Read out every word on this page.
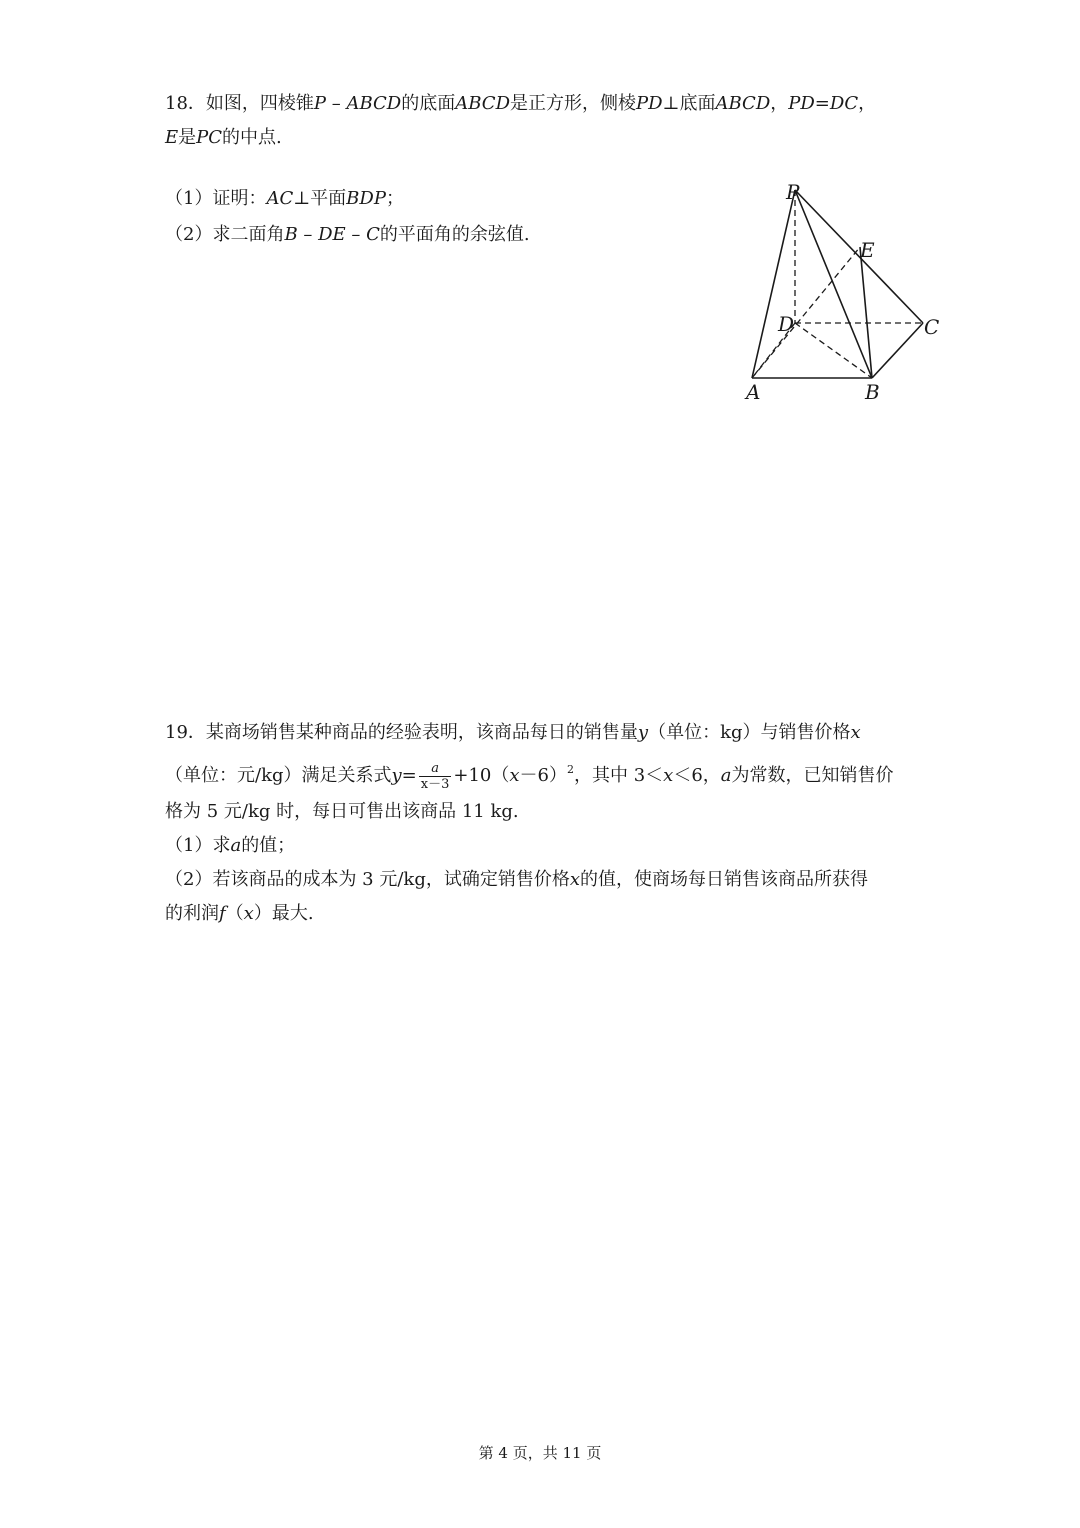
18．如图，四棱锥P – ABCD的底面ABCD是正方形，侧棱PD⊥底面ABCD，PD=DC，
E是PC的中点.
（1）证明：AC⊥平面BDP；
（2）求二面角B – DE – C的平面角的余弦值.
P
E
D	C
A	B
19．某商场销售某种商品的经验表明，该商品每日的销售量y（单位：kg）与销售价格x
（单位：元/kg）满足关系式$y= \frac{a}{x-3} +10(x-6)^2$，其中 3＜x＜6，a为常数，已知销售价
格为 5 元/kg 时，每日可售出该商品 11 kg.
（1）求a的值；
（2）若该商品的成本为 3 元/kg，试确定销售价格x的值，使商场每日销售该商品所获得
的利润f（x）最大.
第 4 页，共 11 页
